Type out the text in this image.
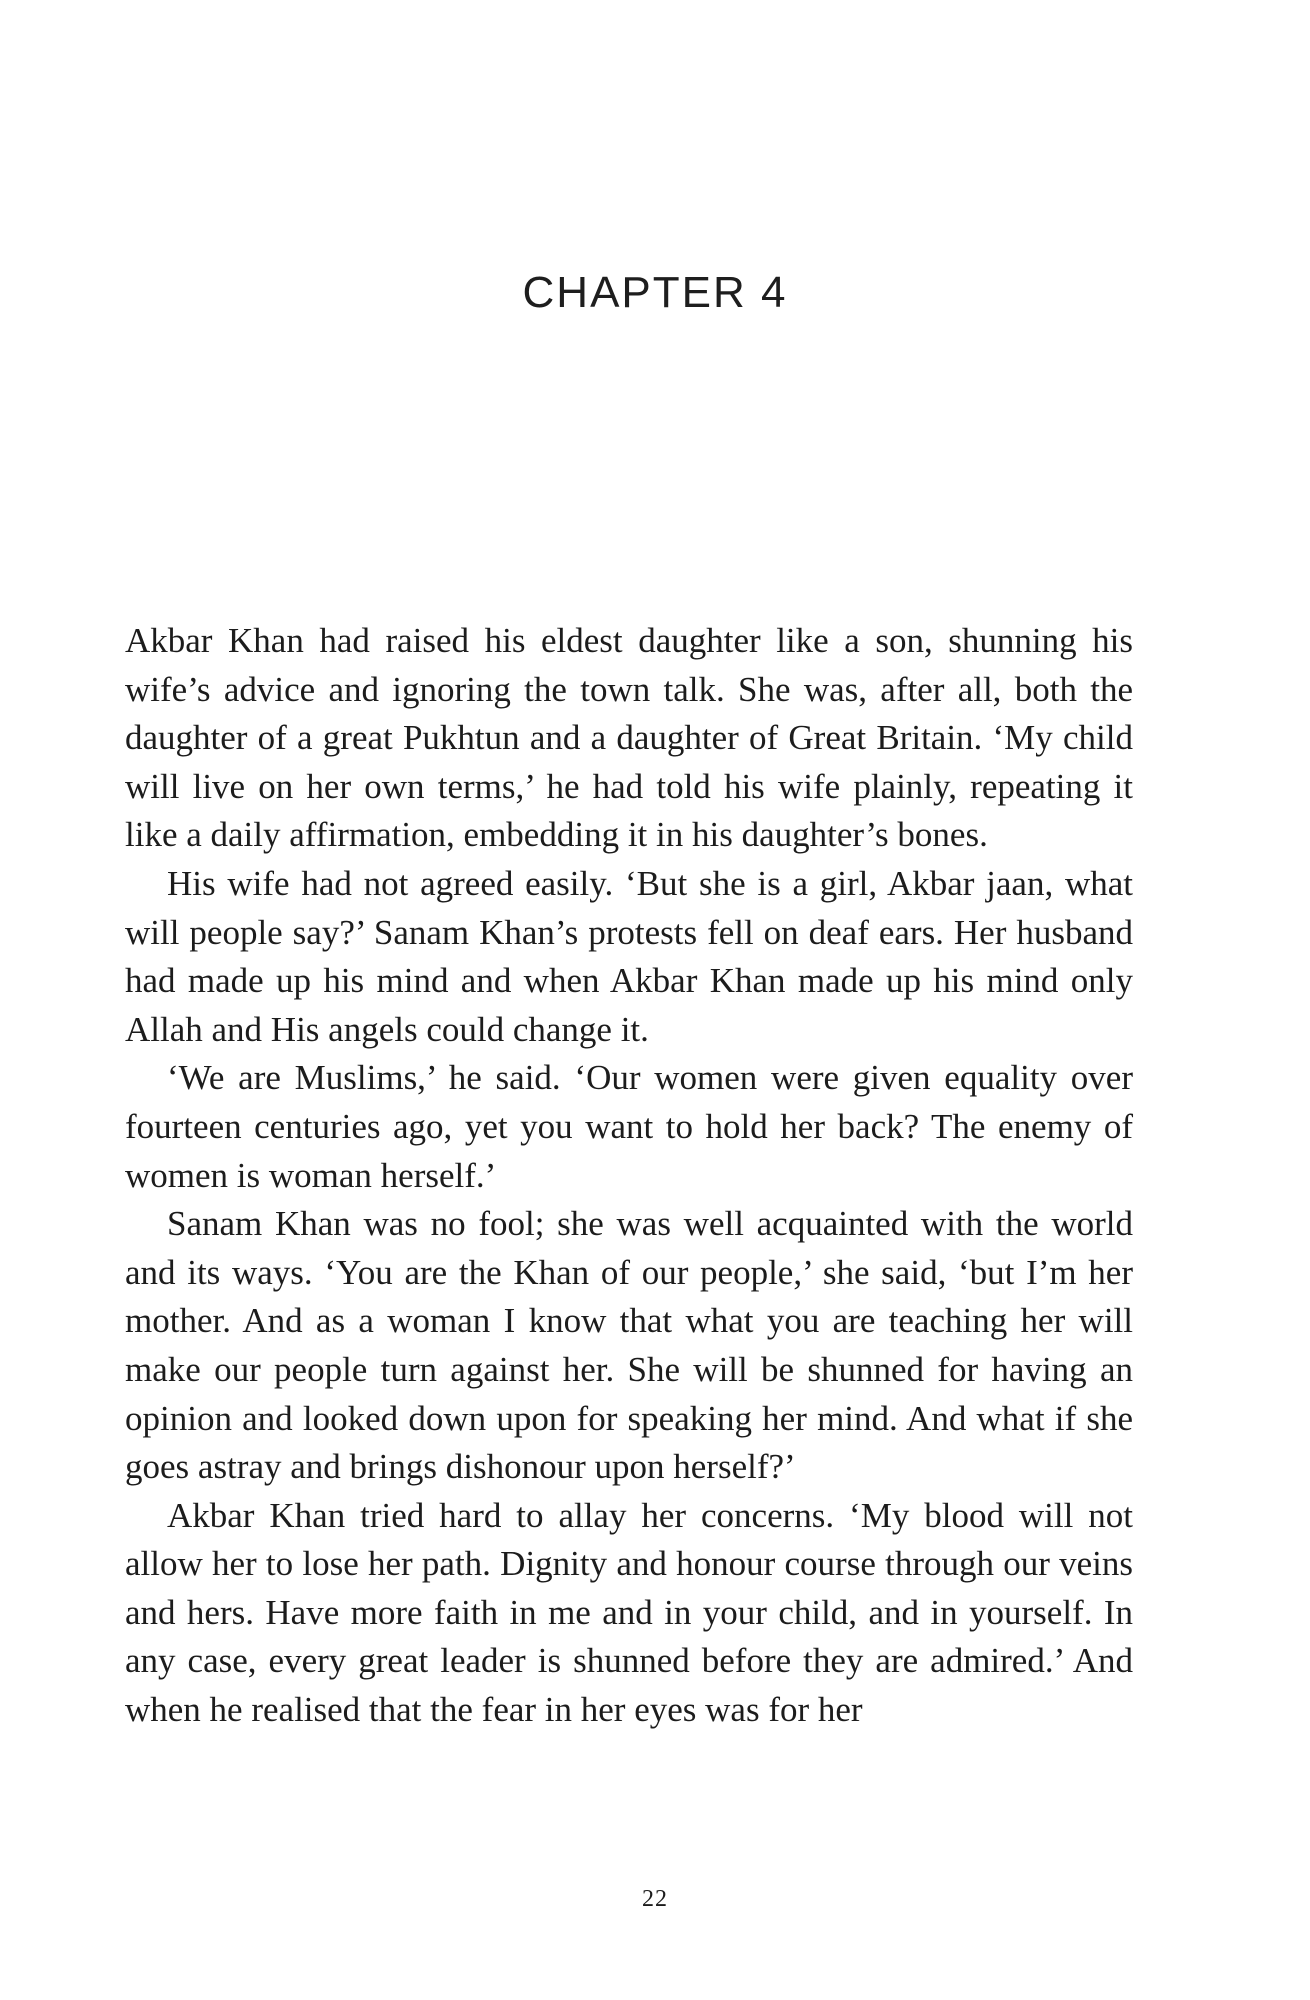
CHAPTER 4

Akbar Khan had raised his eldest daughter like a son, shunning his wife’s advice and ignoring the town talk. She was, after all, both the daughter of a great Pukhtun and a daughter of Great Britain. ‘My child will live on her own terms,’ he had told his wife plainly, repeating it like a daily affirmation, embedding it in his daughter’s bones.

His wife had not agreed easily. ‘But she is a girl, Akbar jaan, what will people say?’ Sanam Khan’s protests fell on deaf ears. Her husband had made up his mind and when Akbar Khan made up his mind only Allah and His angels could change it.

‘We are Muslims,’ he said. ‘Our women were given equality over fourteen centuries ago, yet you want to hold her back? The enemy of women is woman herself.’

Sanam Khan was no fool; she was well acquainted with the world and its ways. ‘You are the Khan of our people,’ she said, ‘but I’m her mother. And as a woman I know that what you are teaching her will make our people turn against her. She will be shunned for having an opinion and looked down upon for speaking her mind. And what if she goes astray and brings dishonour upon herself?’

Akbar Khan tried hard to allay her concerns. ‘My blood will not allow her to lose her path. Dignity and honour course through our veins and hers. Have more faith in me and in your child, and in yourself. In any case, every great leader is shunned before they are admired.’ And when he realised that the fear in her eyes was for her

22
